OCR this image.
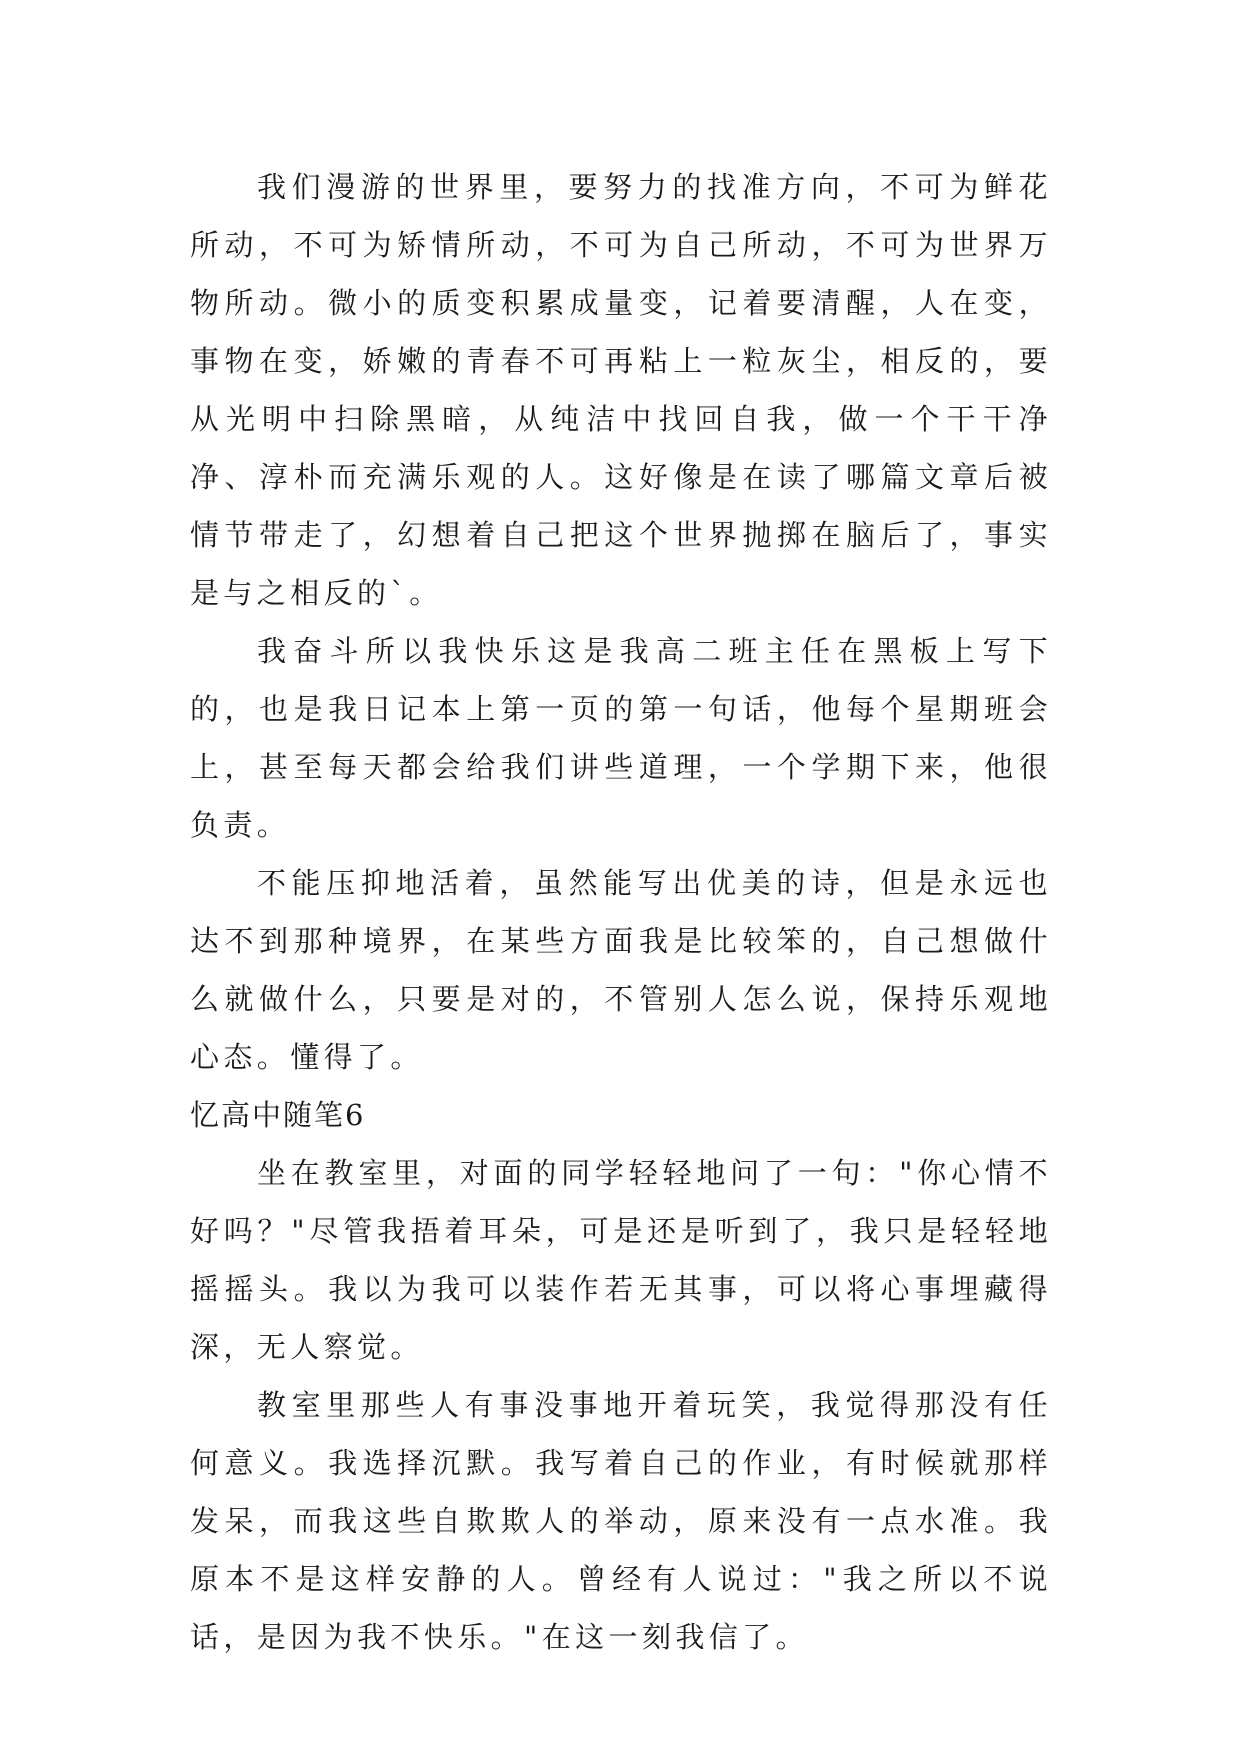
我们漫游的世界里，要努力的找准方向，不可为鲜花所动，不可为矫情所动，不可为自己所动，不可为世界万物所动。微小的质变积累成量变，记着要清醒，人在变，事物在变，娇嫩的青春不可再粘上一粒灰尘，相反的，要从光明中扫除黑暗，从纯洁中找回自我，做一个干干净净、淳朴而充满乐观的人。这好像是在读了哪篇文章后被情节带走了，幻想着自己把这个世界抛掷在脑后了，事实是与之相反的`。

我奋斗所以我快乐这是我高二班主任在黑板上写下的，也是我日记本上第一页的第一句话，他每个星期班会上，甚至每天都会给我们讲些道理，一个学期下来，他很负责。

不能压抑地活着，虽然能写出优美的诗，但是永远也达不到那种境界，在某些方面我是比较笨的，自己想做什么就做什么，只要是对的，不管别人怎么说，保持乐观地心态。懂得了。

忆高中随笔6

坐在教室里，对面的同学轻轻地问了一句："你心情不好吗？"尽管我捂着耳朵，可是还是听到了，我只是轻轻地摇摇头。我以为我可以装作若无其事，可以将心事埋藏得深，无人察觉。

教室里那些人有事没事地开着玩笑，我觉得那没有任何意义。我选择沉默。我写着自己的作业，有时候就那样发呆，而我这些自欺欺人的举动，原来没有一点水准。我原本不是这样安静的人。曾经有人说过："我之所以不说话，是因为我不快乐。"在这一刻我信了。
